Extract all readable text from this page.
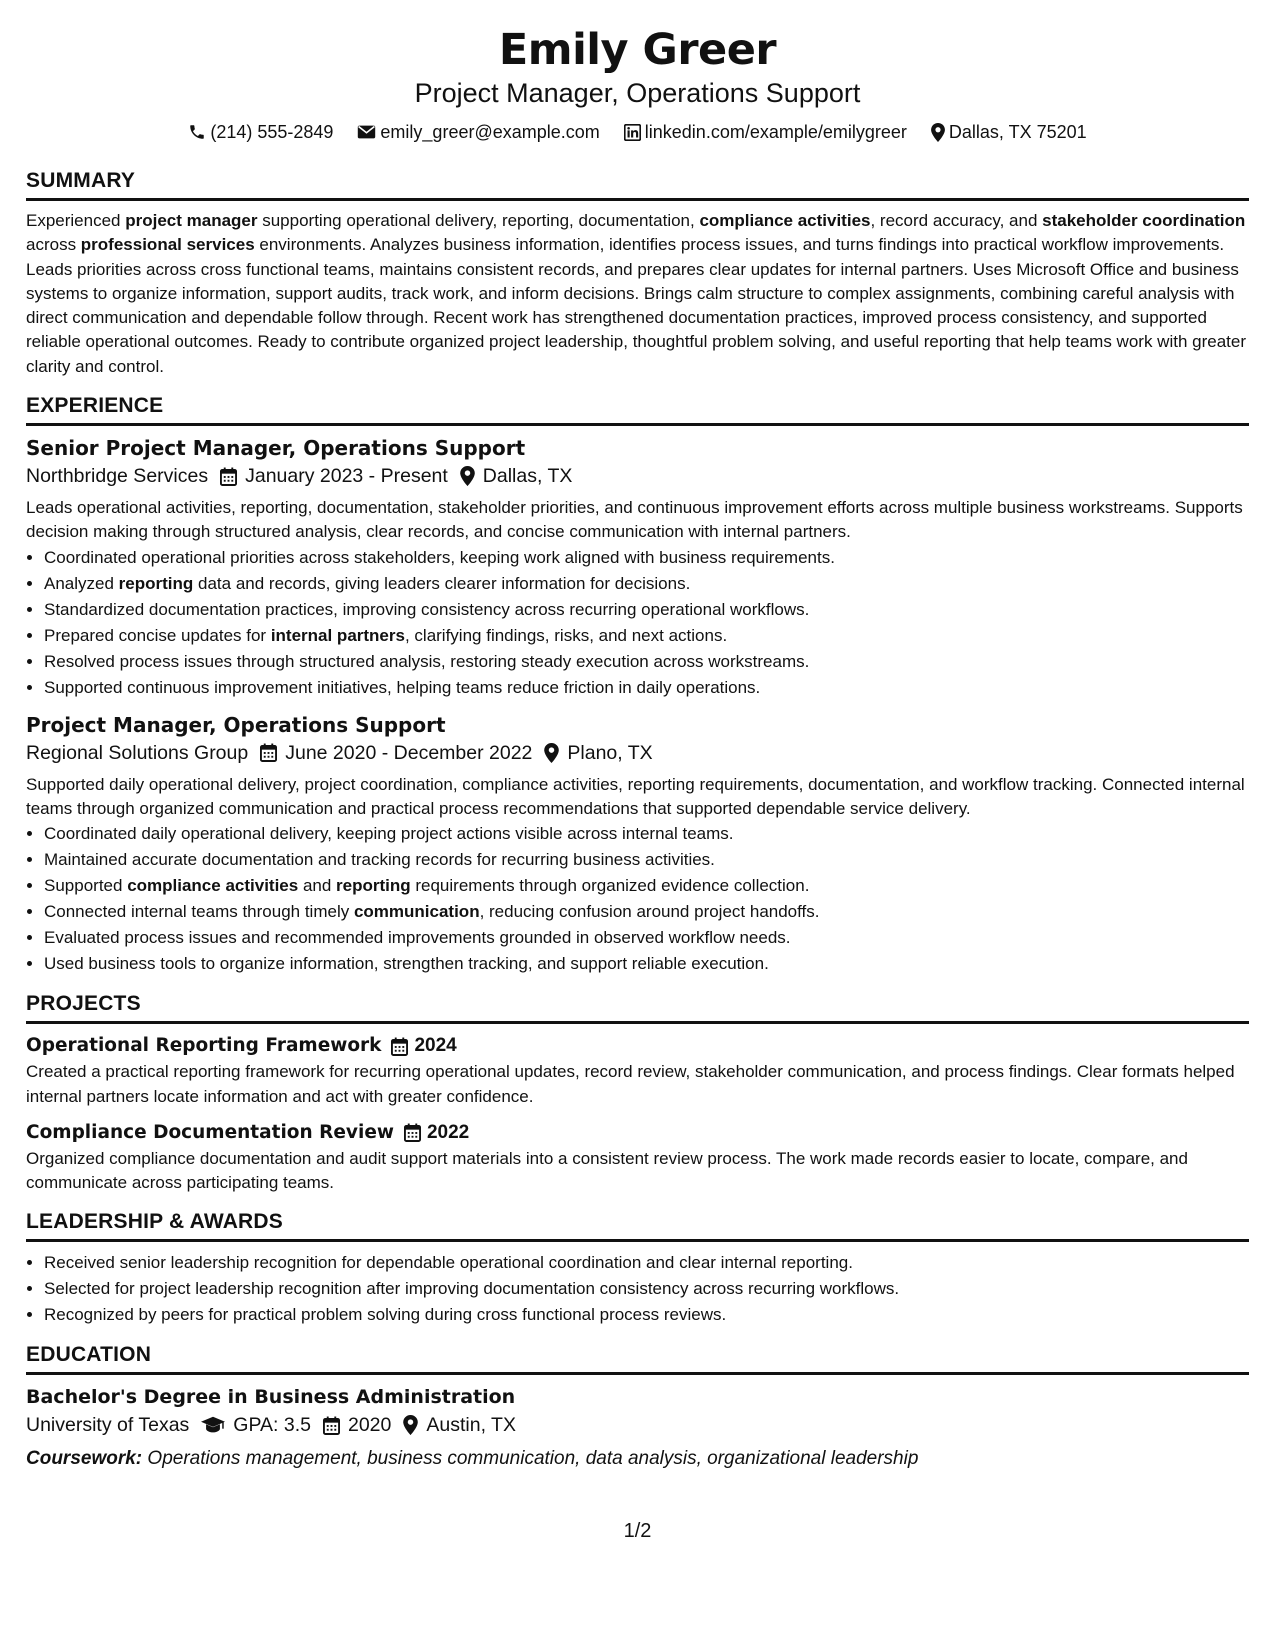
Emily Greer
Project Manager, Operations Support
(214) 555-2849	emily_greer@example.com	linkedin.com/example/emilygreer Dallas, TX 75201
SUMMARY
Experienced project manager supporting operational delivery, reporting, documentation, compliance activities, record accuracy, and stakeholder coordination across professional services environments. Analyzes business information, identifies process issues, and turns findings into practical workflow improvements. Leads priorities across cross functional teams, maintains consistent records, and prepares clear updates for internal partners. Uses Microsoft Office and business systems to organize information, support audits, track work, and inform decisions. Brings calm structure to complex assignments, combining careful analysis with direct communication and dependable follow through. Recent work has strengthened documentation practices, improved process consistency, and supported reliable operational outcomes. Ready to contribute organized project leadership, thoughtful problem solving, and useful reporting that help teams work with greater clarity and control.
EXPERIENCE
Senior Project Manager, Operations Support
Northbridge Services January 2023 - Present Dallas, TX
Leads operational activities, reporting, documentation, stakeholder priorities, and continuous improvement efforts across multiple business workstreams. Supports decision making through structured analysis, clear records, and concise communication with internal partners.
• Coordinated operational priorities across stakeholders, keeping work aligned with business requirements.
• Analyzed reporting data and records, giving leaders clearer information for decisions.
• Standardized documentation practices, improving consistency across recurring operational workflows.
• Prepared concise updates for internal partners, clarifying findings, risks, and next actions.
• Resolved process issues through structured analysis, restoring steady execution across workstreams.
• Supported continuous improvement initiatives, helping teams reduce friction in daily operations.
Project Manager, Operations Support
Regional Solutions Group June 2020 - December 2022 Plano, TX
Supported daily operational delivery, project coordination, compliance activities, reporting requirements, documentation, and workflow tracking. Connected internal teams through organized communication and practical process recommendations that supported dependable service delivery.
• Coordinated daily operational delivery, keeping project actions visible across internal teams.
• Maintained accurate documentation and tracking records for recurring business activities.
• Supported compliance activities and reporting requirements through organized evidence collection.
• Connected internal teams through timely communication, reducing confusion around project handoffs.
• Evaluated process issues and recommended improvements grounded in observed workflow needs.
• Used business tools to organize information, strengthen tracking, and support reliable execution.
PROJECTS
Operational Reporting Framework 2024
Created a practical reporting framework for recurring operational updates, record review, stakeholder communication, and process findings. Clear formats helped internal partners locate information and act with greater confidence.
Compliance Documentation Review 2022
Organized compliance documentation and audit support materials into a consistent review process. The work made records easier to locate, compare, and communicate across participating teams.
LEADERSHIP & AWARDS
• Received senior leadership recognition for dependable operational coordination and clear internal reporting.
• Selected for project leadership recognition after improving documentation consistency across recurring workflows.
• Recognized by peers for practical problem solving during cross functional process reviews.
EDUCATION
Bachelor's Degree in Business Administration
University of Texas GPA: 3.5 2020 Austin, TX
Coursework: Operations management, business communication, data analysis, organizational leadership
1/2
